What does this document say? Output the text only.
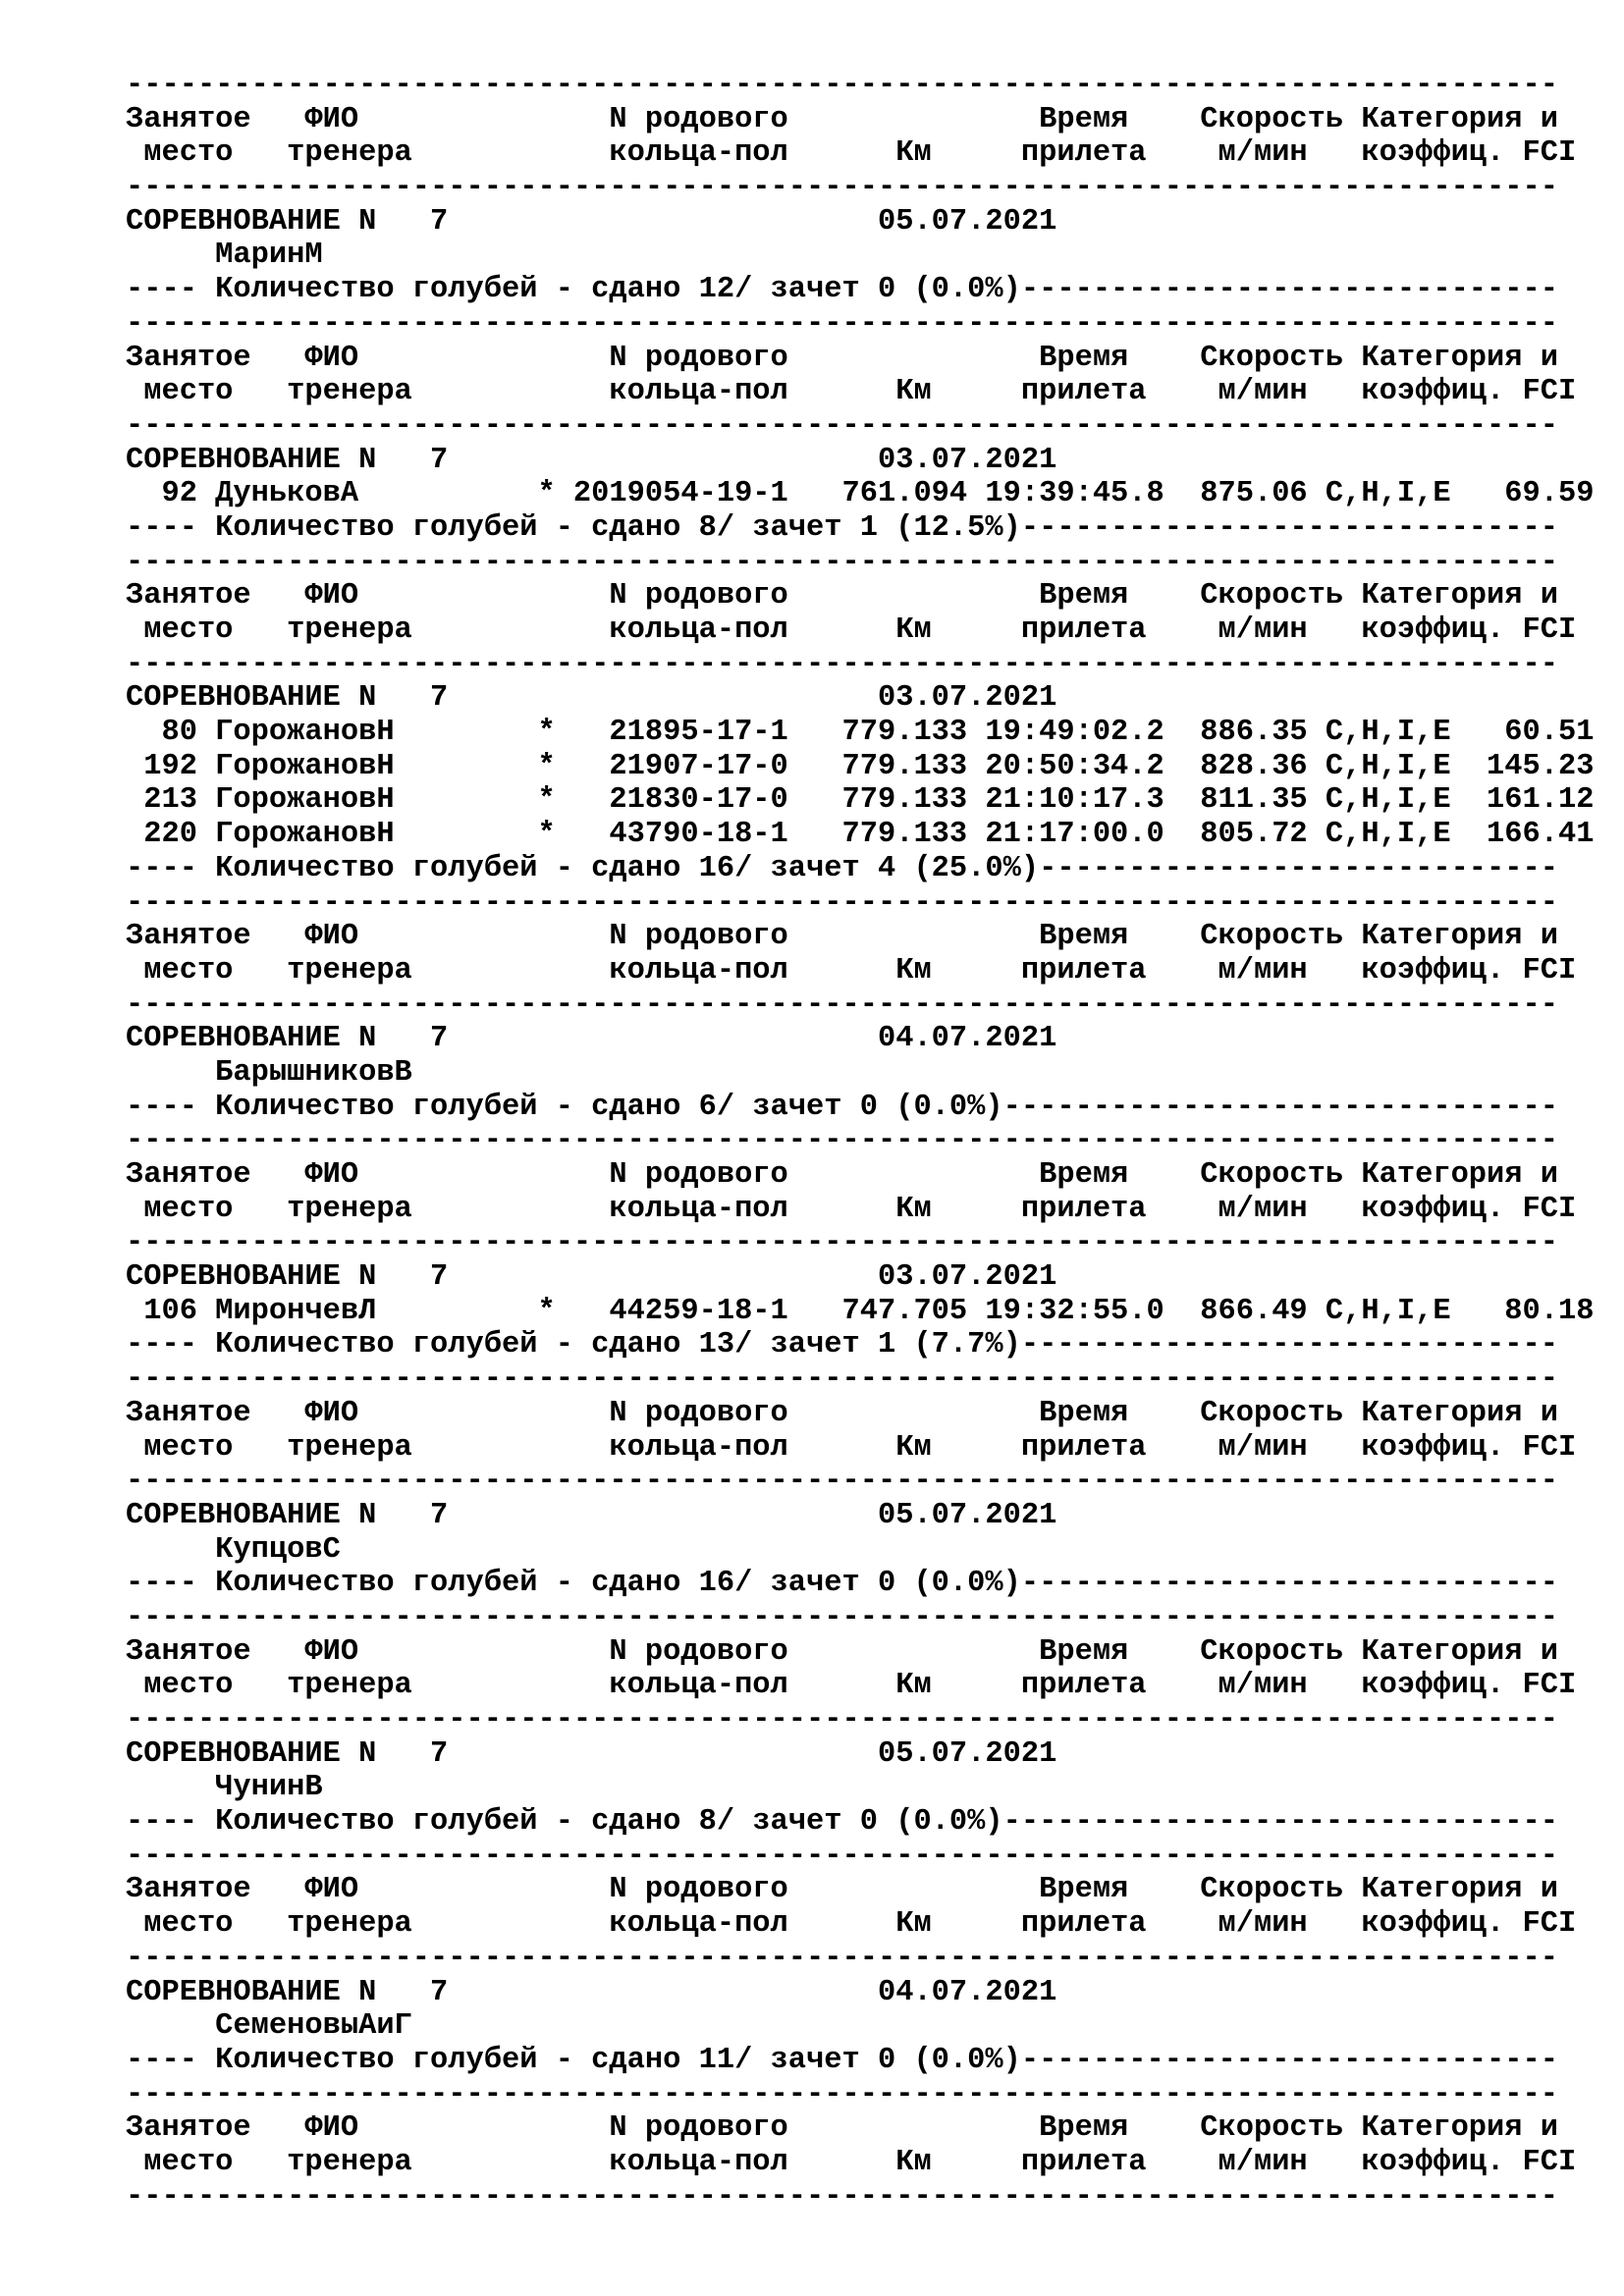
--------------------------------------------------------------------------------
Занятое   ФИО              N родового              Время    Скорость Категория и
место   тренера           кольца-пол      Км     прилета    м/мин   коэффиц. FCI
--------------------------------------------------------------------------------
СОРЕВНОВАНИЕ N   7                        05.07.2021
МаринМ
---- Количество голубей - сдано 12/ зачет 0 (0.0%)------------------------------
--------------------------------------------------------------------------------
Занятое   ФИО              N родового              Время    Скорость Категория и
место   тренера           кольца-пол      Км     прилета    м/мин   коэффиц. FCI
--------------------------------------------------------------------------------
СОРЕВНОВАНИЕ N   7                        03.07.2021
92 ДуньковА          * 2019054-19-1   761.094 19:39:45.8  875.06 C,H,I,E   69.59
---- Количество голубей - сдано 8/ зачет 1 (12.5%)------------------------------
--------------------------------------------------------------------------------
Занятое   ФИО              N родового              Время    Скорость Категория и
место   тренера           кольца-пол      Км     прилета    м/мин   коэффиц. FCI
--------------------------------------------------------------------------------
СОРЕВНОВАНИЕ N   7                        03.07.2021
80 ГорожановН        *   21895-17-1   779.133 19:49:02.2  886.35 C,H,I,E   60.51
192 ГорожановН        *   21907-17-0   779.133 20:50:34.2  828.36 C,H,I,E  145.23
213 ГорожановН        *   21830-17-0   779.133 21:10:17.3  811.35 C,H,I,E  161.12
220 ГорожановН        *   43790-18-1   779.133 21:17:00.0  805.72 C,H,I,E  166.41
---- Количество голубей - сдано 16/ зачет 4 (25.0%)-----------------------------
--------------------------------------------------------------------------------
Занятое   ФИО              N родового              Время    Скорость Категория и
место   тренера           кольца-пол      Км     прилета    м/мин   коэффиц. FCI
--------------------------------------------------------------------------------
СОРЕВНОВАНИЕ N   7                        04.07.2021
БарышниковВ
---- Количество голубей - сдано 6/ зачет 0 (0.0%)-------------------------------
--------------------------------------------------------------------------------
Занятое   ФИО              N родового              Время    Скорость Категория и
место   тренера           кольца-пол      Км     прилета    м/мин   коэффиц. FCI
--------------------------------------------------------------------------------
СОРЕВНОВАНИЕ N   7                        03.07.2021
106 МирончевЛ         *   44259-18-1   747.705 19:32:55.0  866.49 C,H,I,E   80.18
---- Количество голубей - сдано 13/ зачет 1 (7.7%)------------------------------
--------------------------------------------------------------------------------
Занятое   ФИО              N родового              Время    Скорость Категория и
место   тренера           кольца-пол      Км     прилета    м/мин   коэффиц. FCI
--------------------------------------------------------------------------------
СОРЕВНОВАНИЕ N   7                        05.07.2021
КупцовС
---- Количество голубей - сдано 16/ зачет 0 (0.0%)------------------------------
--------------------------------------------------------------------------------
Занятое   ФИО              N родового              Время    Скорость Категория и
место   тренера           кольца-пол      Км     прилета    м/мин   коэффиц. FCI
--------------------------------------------------------------------------------
СОРЕВНОВАНИЕ N   7                        05.07.2021
ЧунинВ
---- Количество голубей - сдано 8/ зачет 0 (0.0%)-------------------------------
--------------------------------------------------------------------------------
Занятое   ФИО              N родового              Время    Скорость Категория и
место   тренера           кольца-пол      Км     прилета    м/мин   коэффиц. FCI
--------------------------------------------------------------------------------
СОРЕВНОВАНИЕ N   7                        04.07.2021
СеменовыАиГ
---- Количество голубей - сдано 11/ зачет 0 (0.0%)------------------------------
--------------------------------------------------------------------------------
Занятое   ФИО              N родового              Время    Скорость Категория и
место   тренера           кольца-пол      Км     прилета    м/мин   коэффиц. FCI
--------------------------------------------------------------------------------
